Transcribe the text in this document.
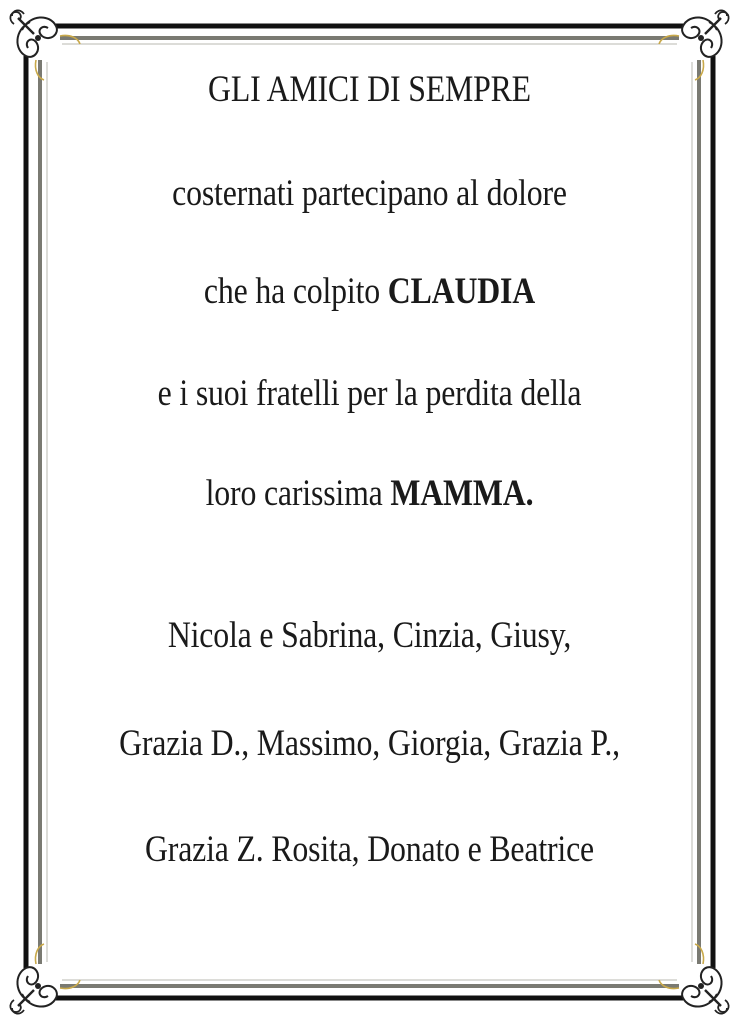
GLI AMICI DI SEMPRE
costernati partecipano al dolore
che ha colpito CLAUDIA
e i suoi fratelli per la perdita della
loro carissima MAMMA.
Nicola e Sabrina, Cinzia, Giusy,
Grazia D., Massimo, Giorgia, Grazia P.,
Grazia Z. Rosita, Donato e Beatrice
